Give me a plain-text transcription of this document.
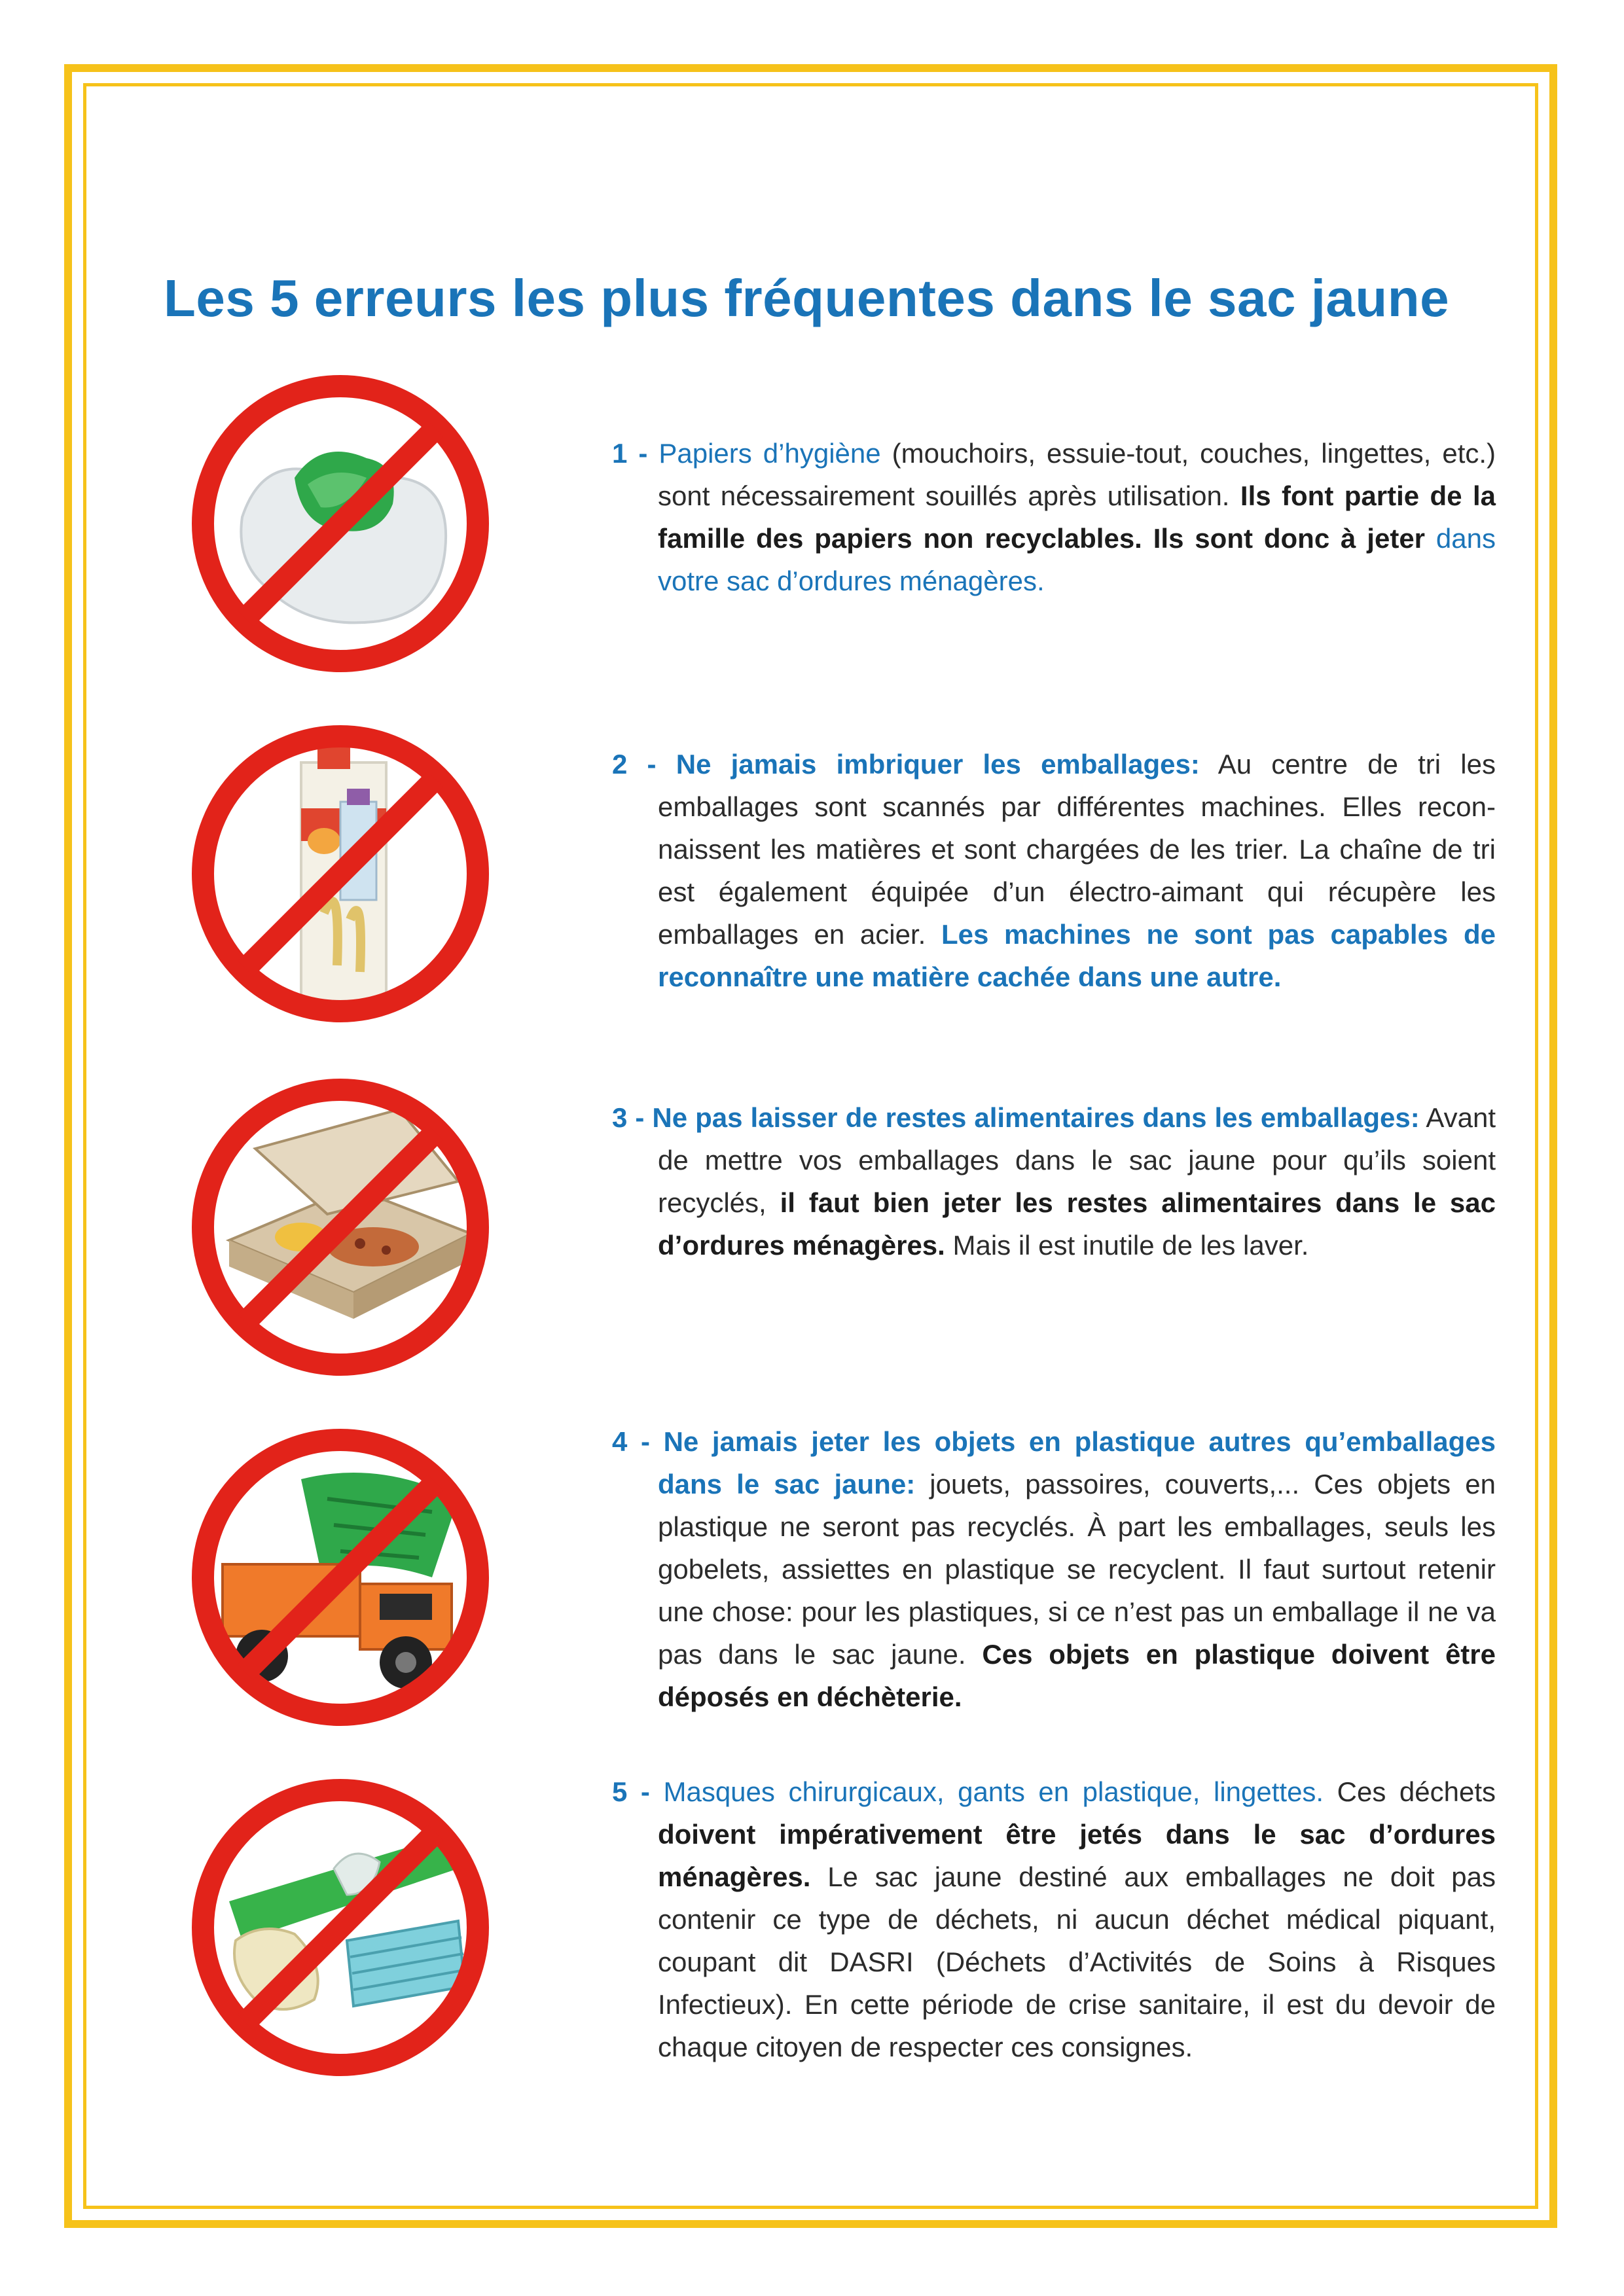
Les 5 erreurs les plus fréquentes dans le sac jaune

1 - Papiers d’hygiène (mouchoirs, essuie-tout, couches, lingettes, etc.) sont nécessairement souillés après utilisation. Ils font partie de la famille des papiers non recyclables. Ils sont donc à jeter dans votre sac d’ordures ménagères.

2 - Ne jamais imbriquer les emballages: Au centre de tri les emballages sont scannés par différentes machines. Elles recon-naissent les matières et sont chargées de les trier. La chaîne de tri est également équipée d’un électro-aimant qui récupère les emballages en acier. Les machines ne sont pas capables de reconnaître une matière cachée dans une autre.

3 - Ne pas laisser de restes alimentaires dans les emballages: Avant de mettre vos emballages dans le sac jaune pour qu’ils soient recyclés, il faut bien jeter les restes alimentaires dans le sac d’ordures ménagères. Mais il est inutile de les laver.

4 - Ne jamais jeter les objets en plastique autres qu’emballages dans le sac jaune: jouets, passoires, couverts,... Ces objets en plastique ne seront pas recyclés. À part les emballages, seuls les gobelets, assiettes en plastique se recyclent. Il faut surtout retenir une chose: pour les plastiques, si ce n’est pas un emballage il ne va pas dans le sac jaune. Ces objets en plastique doivent être déposés en déchèterie.

5 - Masques chirurgicaux, gants en plastique, lingettes. Ces déchets doivent impérativement être jetés dans le sac d’ordures ménagères. Le sac jaune destiné aux emballages ne doit pas contenir ce type de déchets, ni aucun déchet médical piquant, coupant dit DASRI (Déchets d’Activités de Soins à Risques Infectieux). En cette période de crise sanitaire, il est du devoir de chaque citoyen de respecter ces consignes.
